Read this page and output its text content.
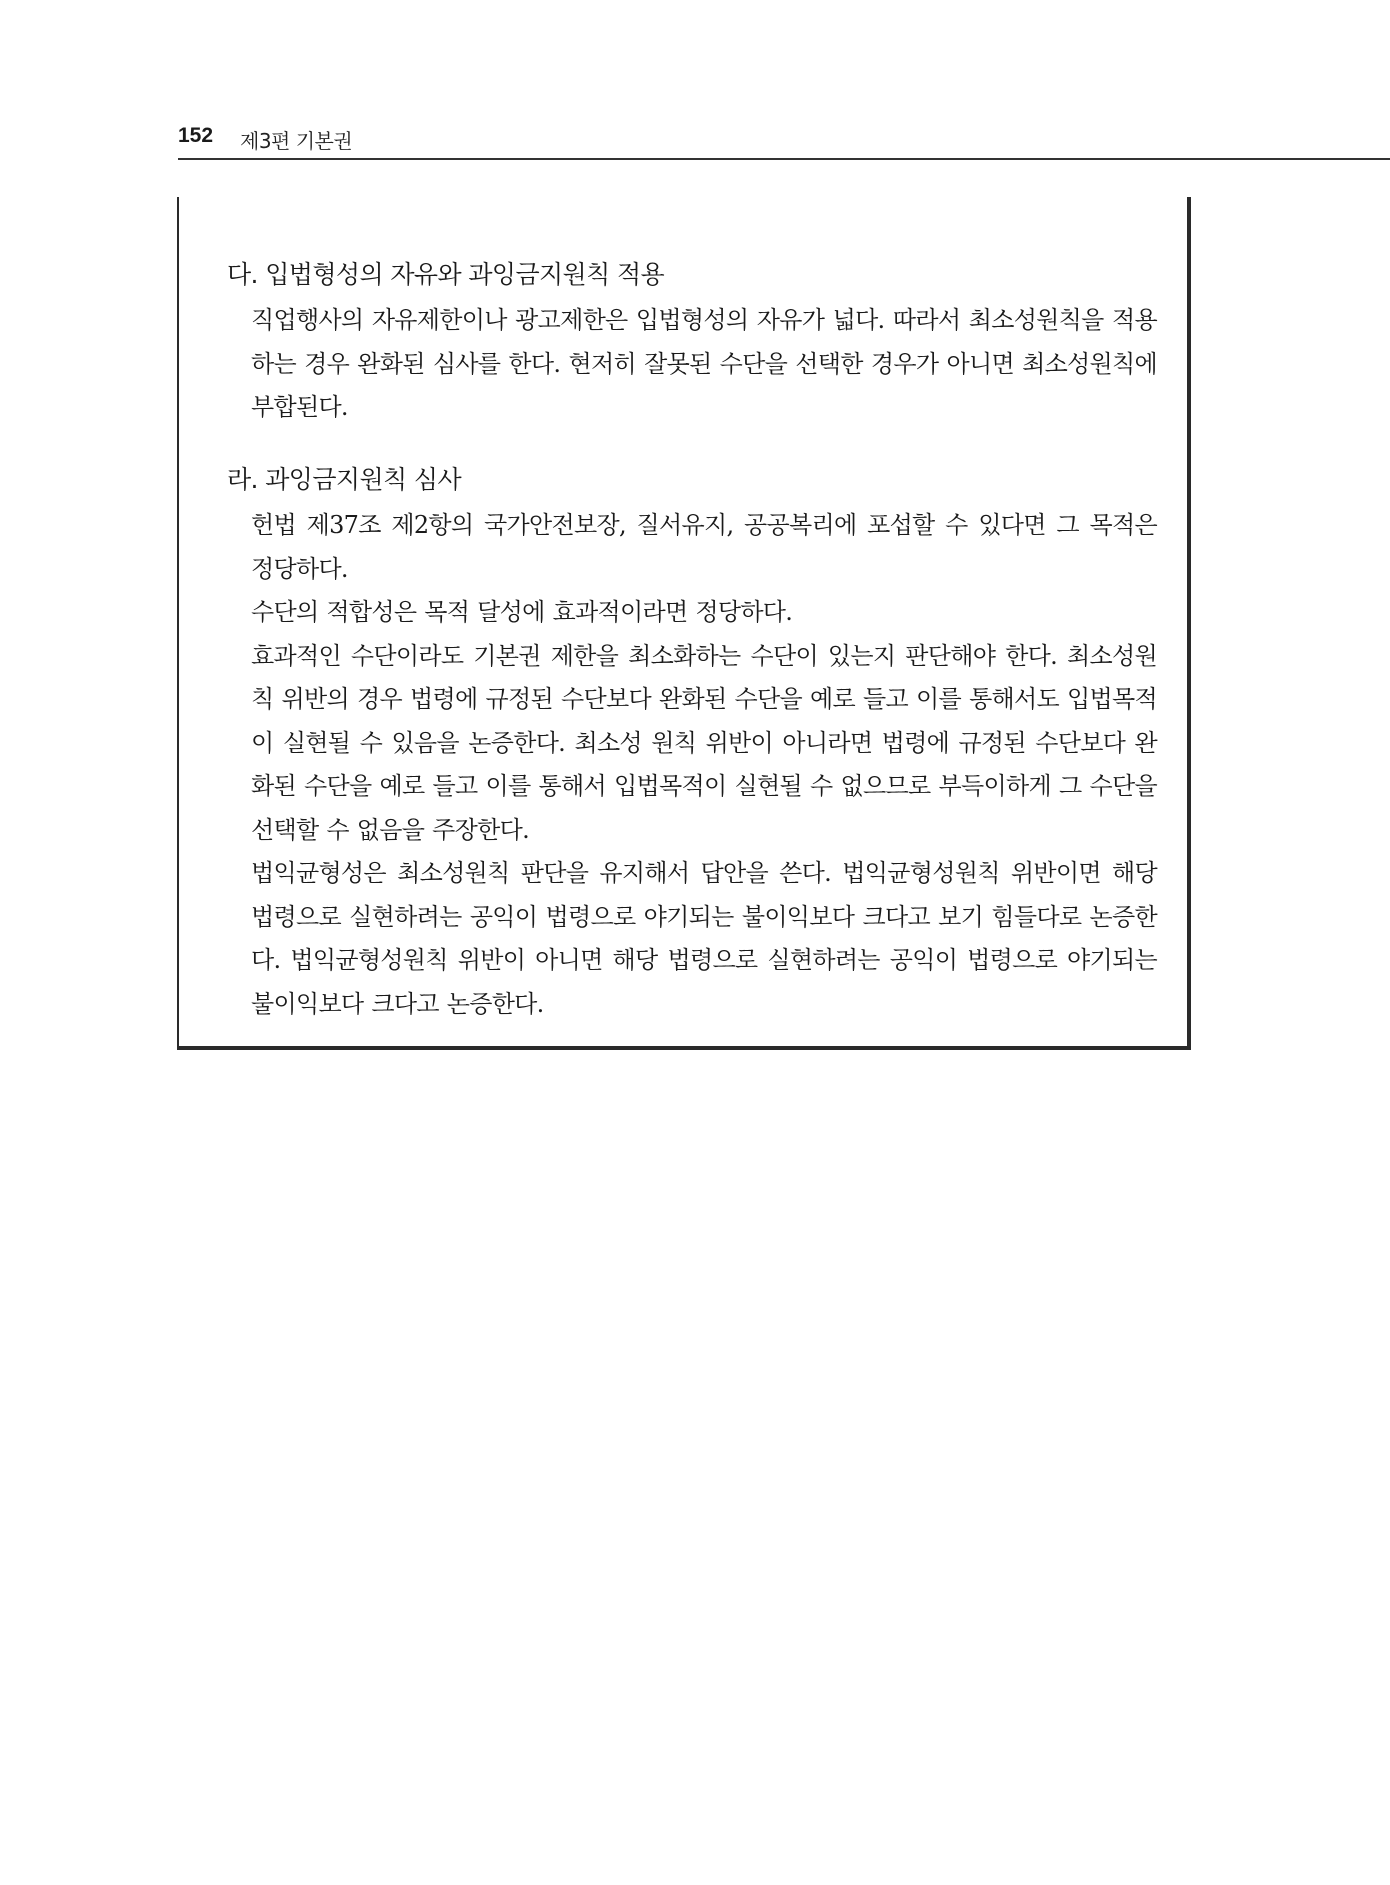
152 제3편 기본권
다. 입법형성의 자유와 과잉금지원칙 적용

직업행사의 자유제한이나 광고제한은 입법형성의 자유가 넓다. 따라서 최소성원칙을 적용하는 경우 완화된 심사를 한다. 현저히 잘못된 수단을 선택한 경우가 아니면 최소성원칙에 부합된다.

라. 과잉금지원칙 심사

헌법 제37조 제2항의 국가안전보장, 질서유지, 공공복리에 포섭할 수 있다면 그 목적은 정당하다.

수단의 적합성은 목적 달성에 효과적이라면 정당하다.

효과적인 수단이라도 기본권 제한을 최소화하는 수단이 있는지 판단해야 한다. 최소성원칙 위반의 경우 법령에 규정된 수단보다 완화된 수단을 예로 들고 이를 통해서도 입법목적이 실현될 수 있음을 논증한다. 최소성 원칙 위반이 아니라면 법령에 규정된 수단보다 완화된 수단을 예로 들고 이를 통해서 입법목적이 실현될 수 없으므로 부득이하게 그 수단을 선택할 수 없음을 주장한다.

법익균형성은 최소성원칙 판단을 유지해서 답안을 쓴다. 법익균형성원칙 위반이면 해당 법령으로 실현하려는 공익이 법령으로 야기되는 불이익보다 크다고 보기 힘들다로 논증한다. 법익균형성원칙 위반이 아니면 해당 법령으로 실현하려는 공익이 법령으로 야기되는 불이익보다 크다고 논증한다.
